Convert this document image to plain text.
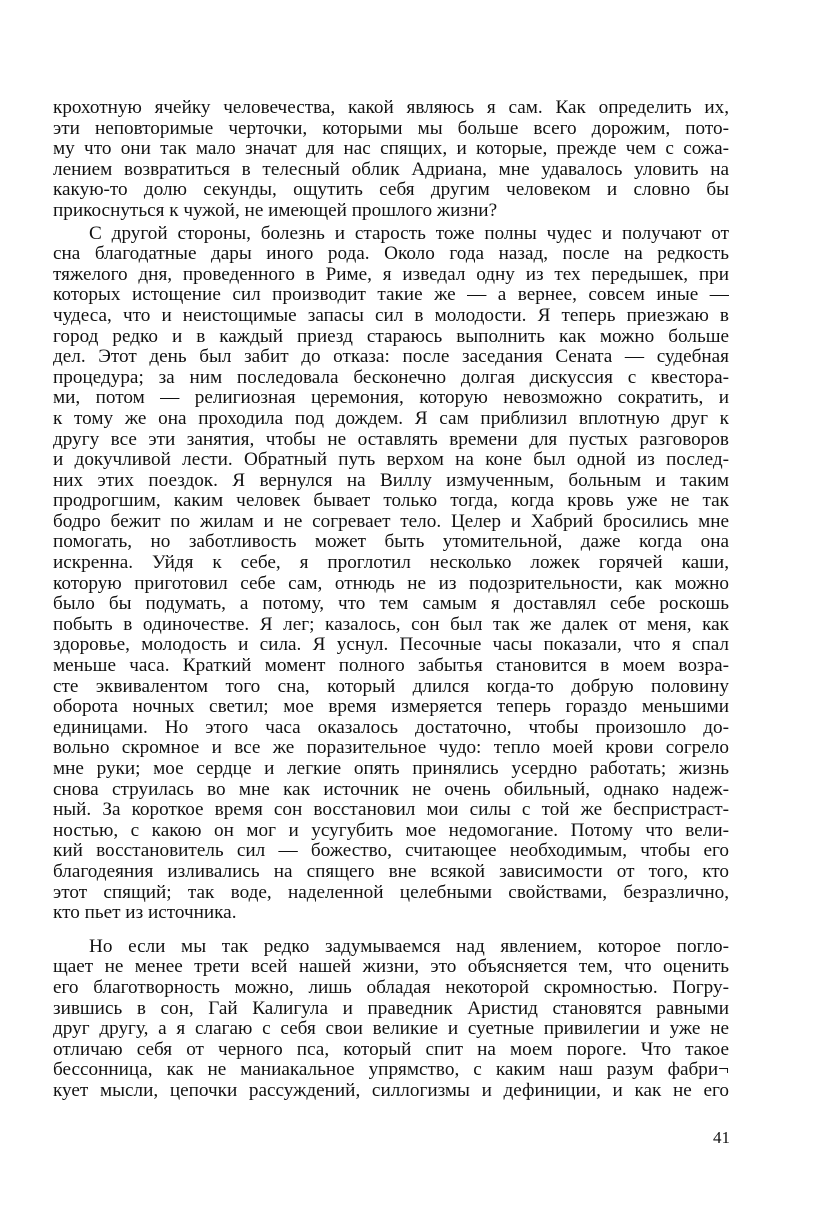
крохотную ячейку человечества, какой являюсь я сам. Как определить их,
эти неповторимые черточки, которыми мы больше всего дорожим, пото-
му что они так мало значат для нас спящих, и которые, прежде чем с сожа-
лением возвратиться в телесный облик Адриана, мне удавалось уловить на
какую-то долю секунды, ощутить себя другим человеком и словно бы
прикоснуться к чужой, не имеющей прошлого жизни?
С другой стороны, болезнь и старость тоже полны чудес и получают от
сна благодатные дары иного рода. Около года назад, после на редкость
тяжелого дня, проведенного в Риме, я изведал одну из тех передышек, при
которых истощение сил производит такие же — а вернее, совсем иные —
чудеса, что и неистощимые запасы сил в молодости. Я теперь приезжаю в
город редко и в каждый приезд стараюсь выполнить как можно больше
дел. Этот день был забит до отказа: после заседания Сената — судебная
процедура; за ним последовала бесконечно долгая дискуссия с квестора-
ми, потом — религиозная церемония, которую невозможно сократить, и
к тому же она проходила под дождем. Я сам приблизил вплотную друг к
другу все эти занятия, чтобы не оставлять времени для пустых разговоров
и докучливой лести. Обратный путь верхом на коне был одной из послед-
них этих поездок. Я вернулся на Виллу измученным, больным и таким
продрогшим, каким человек бывает только тогда, когда кровь уже не так
бодро бежит по жилам и не согревает тело. Целер и Хабрий бросились мне
помогать, но заботливость может быть утомительной, даже когда она
искренна. Уйдя к себе, я проглотил несколько ложек горячей каши,
которую приготовил себе сам, отнюдь не из подозрительности, как можно
было бы подумать, а потому, что тем самым я доставлял себе роскошь
побыть в одиночестве. Я лег; казалось, сон был так же далек от меня, как
здоровье, молодость и сила. Я уснул. Песочные часы показали, что я спал
меньше часа. Краткий момент полного забытья становится в моем возра-
сте эквивалентом того сна, который длился когда-то добрую половину
оборота ночных светил; мое время измеряется теперь гораздо меньшими
единицами. Но этого часа оказалось достаточно, чтобы произошло до-
вольно скромное и все же поразительное чудо: тепло моей крови согрело
мне руки; мое сердце и легкие опять принялись усердно работать; жизнь
снова струилась во мне как источник не очень обильный, однако надеж-
ный. За короткое время сон восстановил мои силы с той же беспристраст-
ностью, с какою он мог и усугубить мое недомогание. Потому что вели-
кий восстановитель сил — божество, считающее необходимым, чтобы его
благодеяния изливались на спящего вне всякой зависимости от того, кто
этот спящий; так воде, наделенной целебными свойствами, безразлично,
кто пьет из источника.
Но если мы так редко задумываемся над явлением, которое погло-
щает не менее трети всей нашей жизни, это объясняется тем, что оценить
его благотворность можно, лишь обладая некоторой скромностью. Погру-
зившись в сон, Гай Калигула и праведник Аристид становятся равными
друг другу, а я слагаю с себя свои великие и суетные привилегии и уже не
отличаю себя от черного пса, который спит на моем пороге. Что такое
бессонница, как не маниакальное упрямство, с каким наш разум фабри¬
кует мысли, цепочки рассуждений, силлогизмы и дефиниции, и как не его
41
